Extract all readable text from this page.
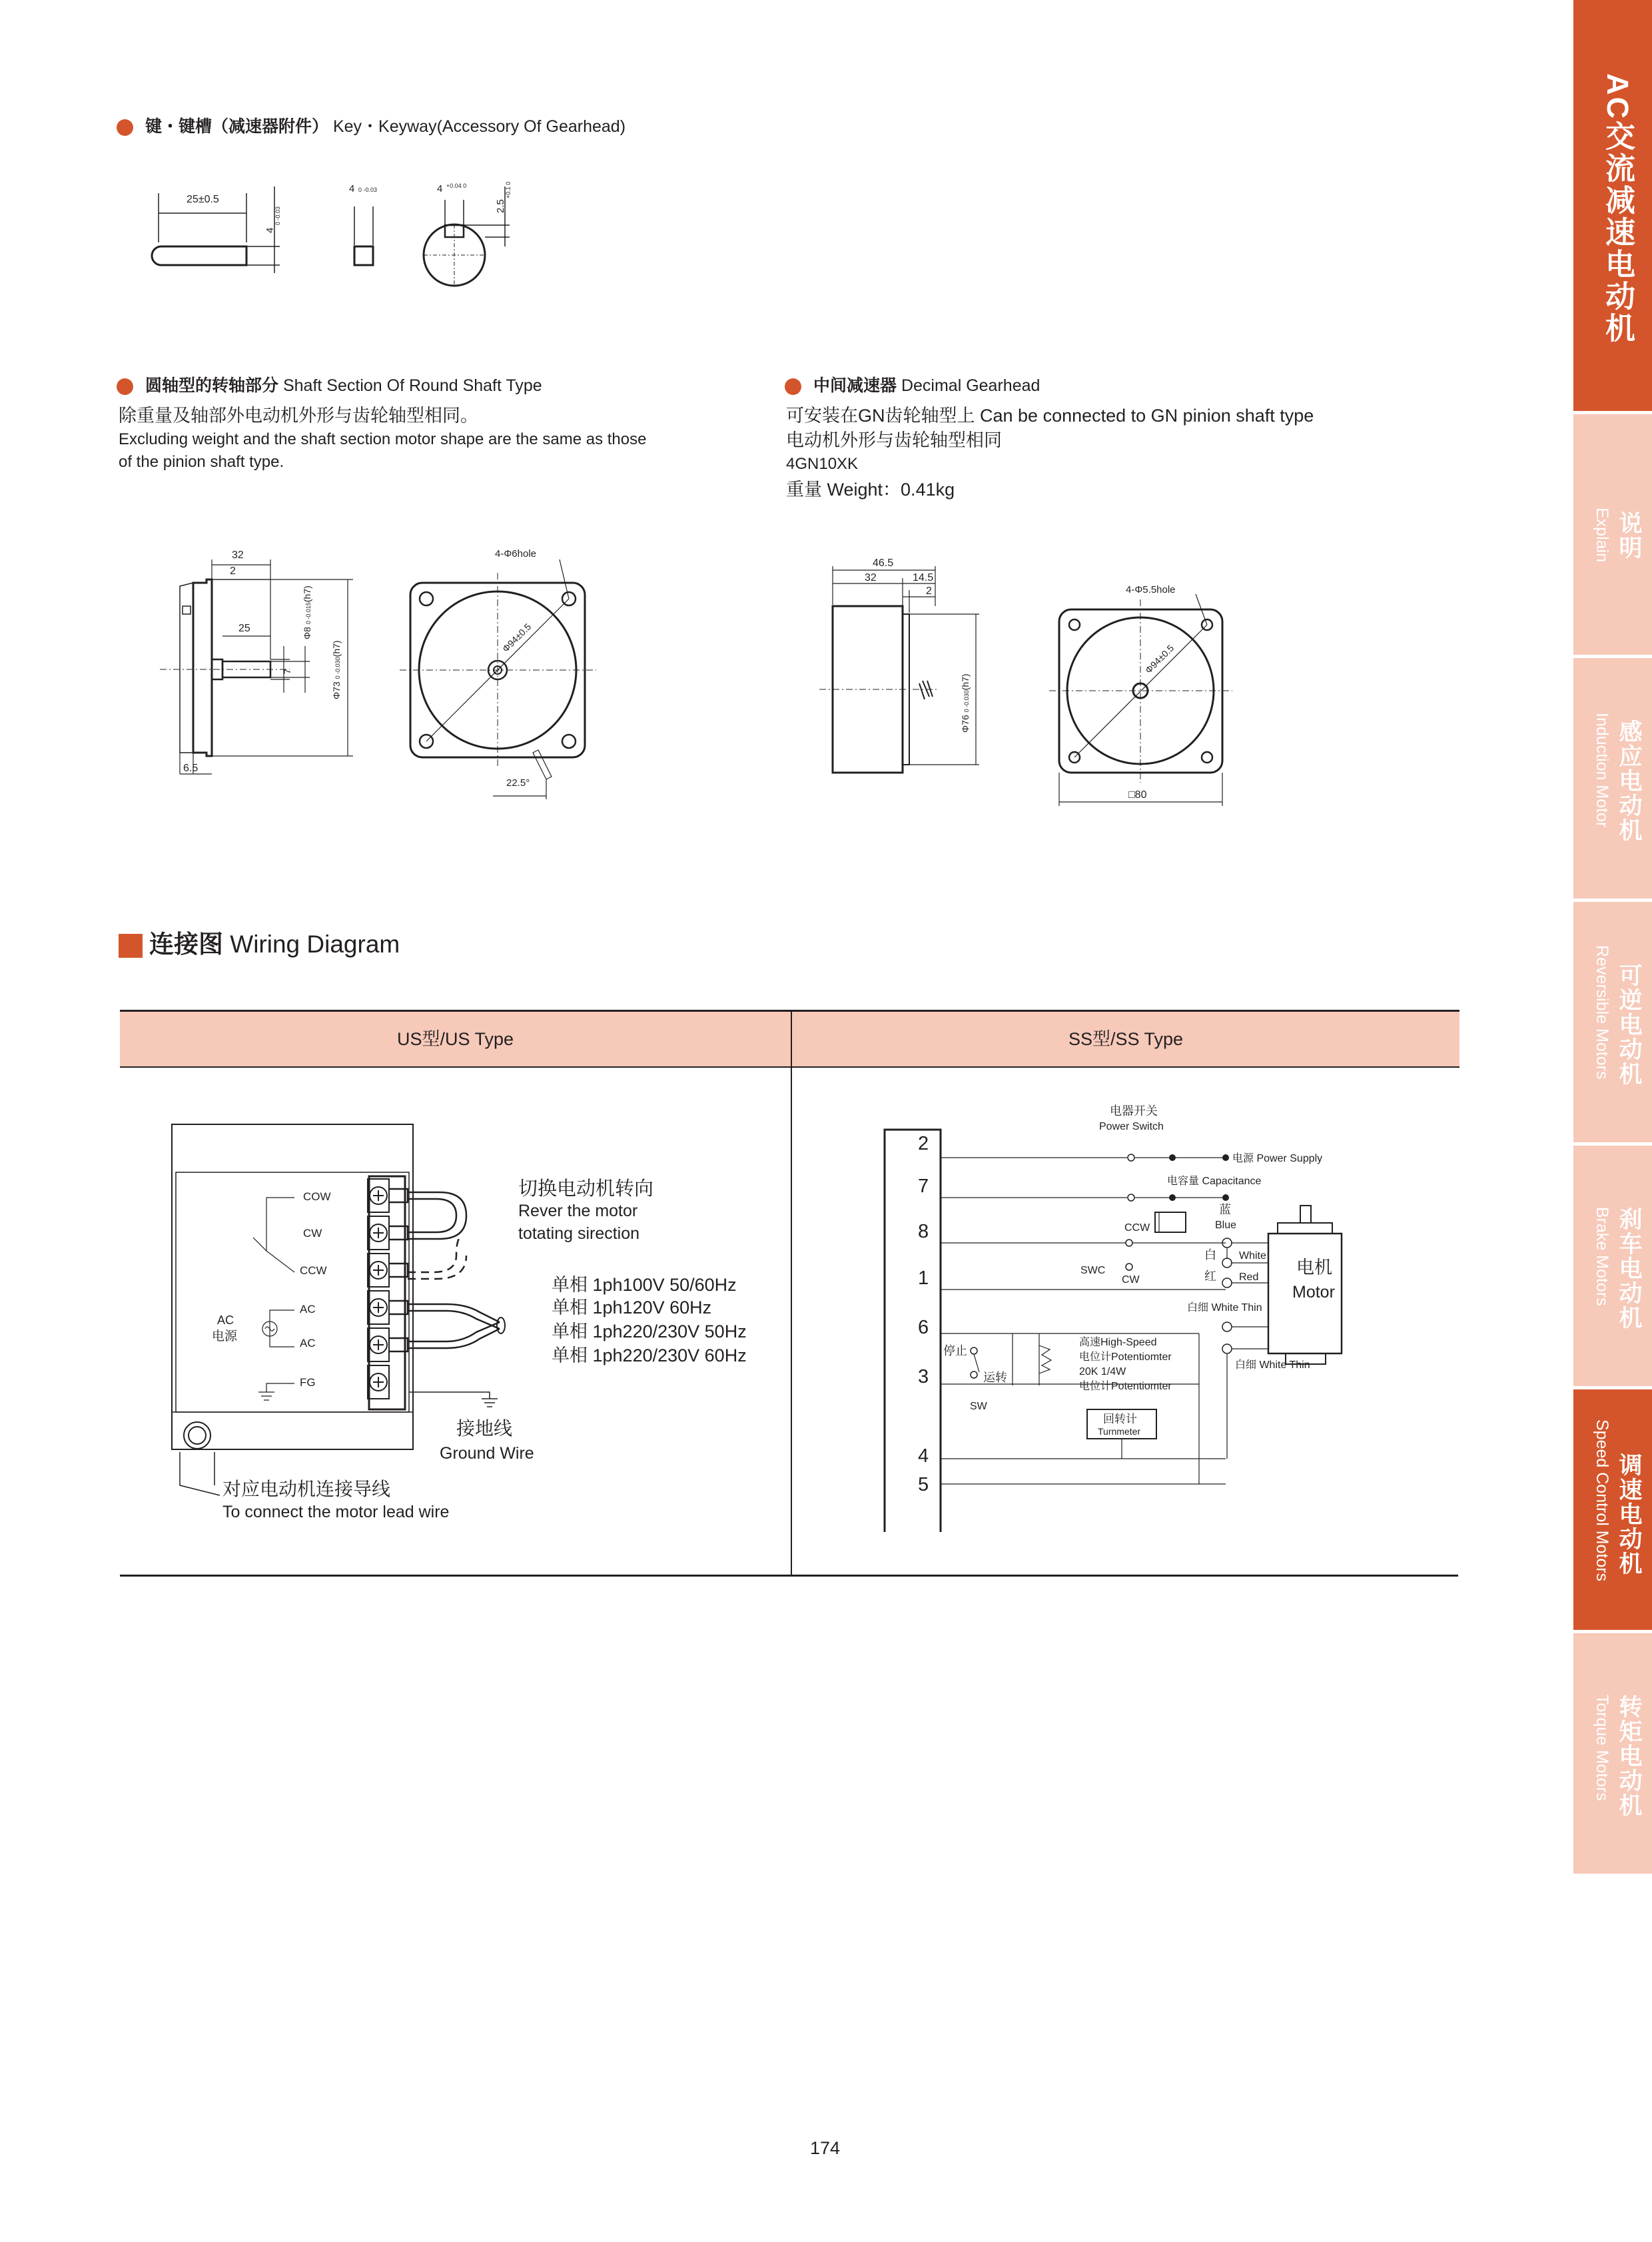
AC交流减速电动机
说明
Explain
感应电动机
Induction Motor
可逆电动机
Reversible Motors
刹车电动机
Brake Motors
调速电动机
Speed Control Motors
转矩电动机
Torque Motors
键・键槽（减速器附件） Key・Keyway(Accessory Of Gearhead)
25±0.5
4
0 -0.03
4 0 -0.03	4 +0.04 0
2.5
+0.1 0
圆轴型的转轴部分 Shaft Section Of Round Shaft Type
除重量及轴部外电动机外形与齿轮轴型相同。
Excluding weight and the shaft section motor shape are the same as those
of the pinion shaft type.
中间减速器 Decimal Gearhead
可安装在GN齿轮轴型上 Can be connected to GN pinion shaft type
电动机外形与齿轮轴型相同
4GN10XK
重量 Weight：0.41kg
32
2
25
7
Φ8 0 -0.015(h7)
Φ73 0 -0.030(h7)
6.5
Φ94±0.5
4-Φ6hole
22.5°
46.5
32	14.5
2
Φ76 0 -0.030(h7)
Φ94±0.5
4-Φ5.5hole
□80
连接图 Wiring Diagram
US型/US Type	SS型/SS Type
COW
CW
CCW
AC
AC
FG
AC
电源
切换电动机转向
Rever the motor
totating sirection
单相 1ph100V 50/60Hz
单相 1ph120V 60Hz
单相 1ph220/230V 50Hz
单相 1ph220/230V 60Hz
接地线
Ground Wire
对应电动机连接导线
To connect the motor lead wire
2
7
8
1
6
3
4
5
电器开关
Power Switch
电源 Power Supply
电容量 Capacitance
CCW
SWC
CW
蓝
Blue
白 White
红 Red
白细 White Thin
白细 White Thin
电机
Motor
停止
运转
SW
高速High-Speed
电位计Potentiomter
20K 1/4W
电位计Potentiomter
回转计
Turnmeter
174
